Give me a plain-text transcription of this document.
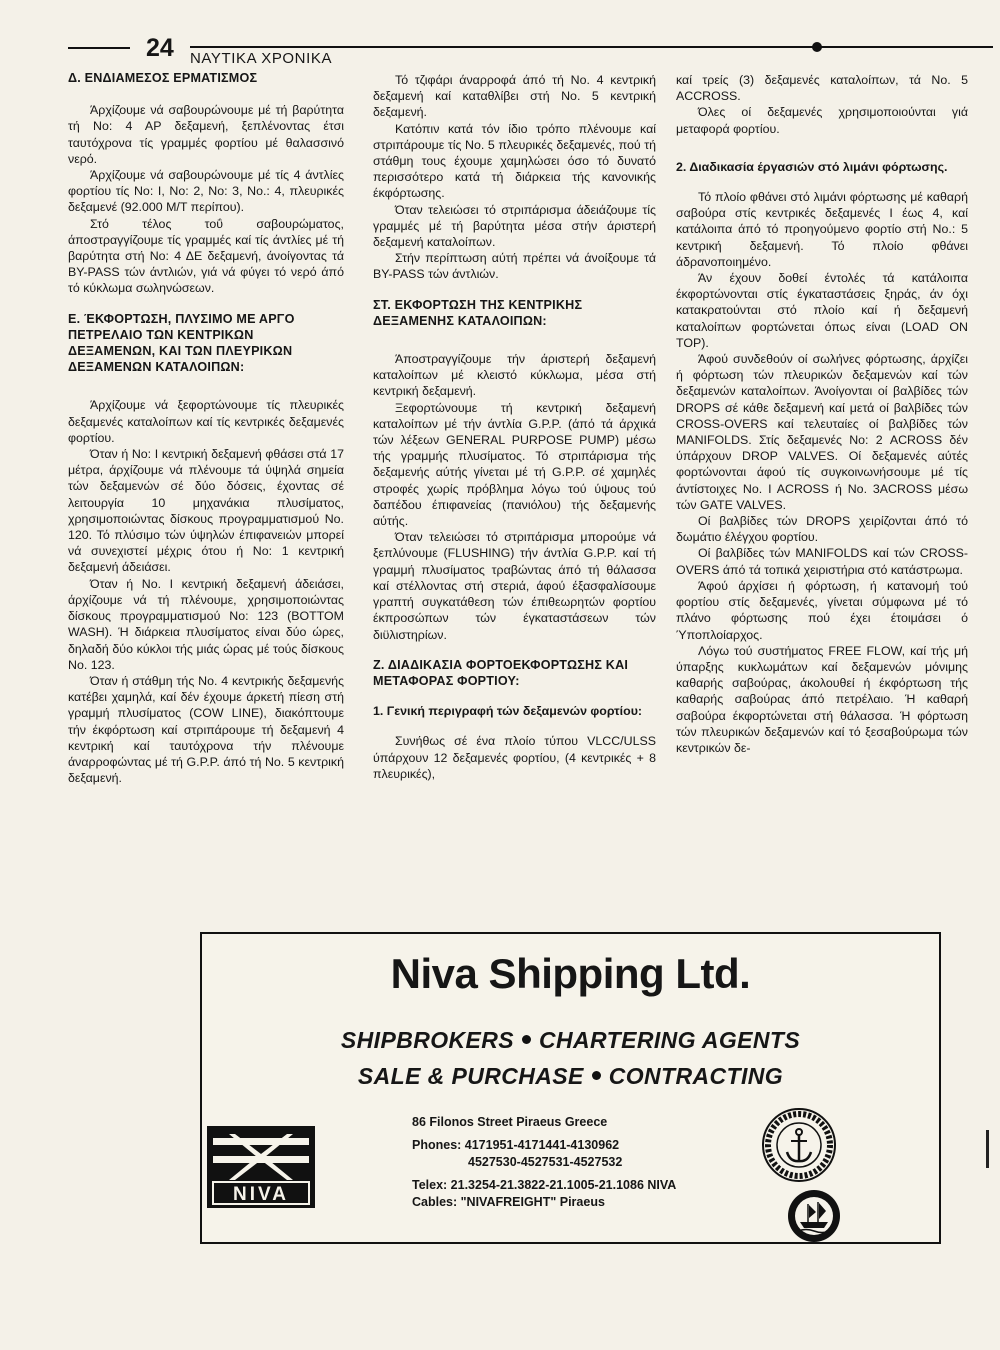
24 ΝΑΥΤΙΚΑ ΧΡΟΝΙΚΑ
Δ. ΕΝΔΙΑΜΕΣΟΣ ΕΡΜΑΤΙΣΜΟΣ

Άρχίζουμε νά σαβουρώνουμε μέ τή βαρύτητα τή Νο: 4 ΑΡ δεξαμενή, ξεπλένοντας έτσι ταυτόχρονα τίς γραμμές φορτίου μέ θαλασσινό νερό.

Άρχίζουμε νά σαβουρώνουμε μέ τίς 4 άντλίες φορτίου τίς Νο: I, Νο: 2, Νο: 3, Νο.: 4, πλευρικές δεξαμενέ (92.000 Μ/Τ περίπου).

Στό τέλος τοΰ σαβουρώματος, άποστραγγίζουμε τίς γραμμές καί τίς άντλίες μέ τή βαρύτητα στή Νο: 4 ΔΕ δεξαμενή, άνοίγοντας τά BY-PASS τών άντλιών, γιά νά φύγει τό νερό άπό τό κύκλωμα σωληνώσεων.

Ε. ΈΚΦΟΡΤΩΣΗ, ΠΛΥΣΙΜΟ ΜΕ ΑΡΓΟ ΠΕΤΡΕΛΑΙΟ ΤΩΝ ΚΕΝΤΡΙΚΩΝ ΔΕΞΑΜΕΝΩΝ, ΚΑΙ ΤΩΝ ΠΛΕΥΡΙΚΩΝ ΔΕΞΑΜΕΝΩΝ ΚΑΤΑΛΟΙΠΩΝ:

Άρχίζουμε νά ξεφορτώνουμε τίς πλευρικές δεξαμενές καταλοίπων καί τίς κεντρικές δεξαμενές φορτίου.

Όταν ή Νο: I κεντρική δεξαμενή φθάσει στά 17 μέτρα, άρχίζουμε νά πλένουμε τά ύψηλά σημεία τών δεξαμενών σέ δύο δόσεις, έχοντας σέ λειτουργία 10 μηχανάκια πλυσίματος, χρησιμοποιώντας δίσκους προγραμματισμού Νο. 120. Τό πλύσιμο τών ύψηλών έπιφανειών μπορεί νά συνεχιστεί μέχρις ότου ή Νο: 1 κεντρική δεξαμενή άδειάσει.

Όταν ή Νο. I κεντρική δεξαμενή άδειάσει, άρχίζουμε νά τή πλένουμε, χρησιμοποιώντας δίσκους προγραμματισμού Νο: 123 (BOTTOM WASH). Ή διάρκεια πλυσίματος είναι δύο ώρες, δηλαδή δύο κύκλοι τής μιάς ώρας μέ τούς δίσκους Νο. 123.

Όταν ή στάθμη τής Νο. 4 κεντρικής δεξαμενής κατέβει χαμηλά, καί δέν έχουμε άρκετή πίεση στή γραμμή πλυσίματος (COW LINE), διακόπτουμε τήν έκφόρτωση καί στριπάρουμε τή δεξαμενή 4 κεντρική καί ταυτόχρονα τήν πλένουμε άναρροφώντας μέ τή G.P.P. άπό τή Νο. 5 κεντρική δεξαμενή.

Τό τζιφάρι άναρροφά άπό τή Νο. 4 κεντρική δεξαμενή καί καταθλίβει στή Νο. 5 κεντρική δεξαμενή.

Κατόπιν κατά τόν ίδιο τρόπο πλένουμε καί στριπάρουμε τίς Νο. 5 πλευρικές δεξαμενές, πού τή στάθμη τους έχουμε χαμηλώσει όσο τό δυνατό περισσότερο κατά τή διάρκεια τής κανονικής έκφόρτωσης.

Όταν τελειώσει τό στριπάρισμα άδειάζουμε τίς γραμμές μέ τή βαρύτητα μέσα στήν άριστερή δεξαμενή καταλοίπων.

Στήν περίπτωση αύτή πρέπει νά άνοίξουμε τά BY-PASS τών άντλιών.

ΣΤ. ΕΚΦΟΡΤΩΣΗ ΤΗΣ ΚΕΝΤΡΙΚΗΣ ΔΕΞΑΜΕΝΗΣ ΚΑΤΑΛΟΙΠΩΝ:

Άποστραγγίζουμε τήν άριστερή δεξαμενή καταλοίπων μέ κλειστό κύκλωμα, μέσα στή κεντρική δεξαμενή.

Ξεφορτώνουμε τή κεντρική δεξαμενή καταλοίπων μέ τήν άντλία G.P.P. (άπό τά άρχικά τών λέξεων GENERAL PURPOSE PUMP) μέσω τής γραμμής πλυσίματος. Τό στριπάρισμα τής δεξαμενής αύτής γίνεται μέ τή G.P.P. σέ χαμηλές στροφές χωρίς πρόβλημα λόγω τού ύψους τού δαπέδου έπιφανείας (πανιόλου) τής δεξαμενής αύτής.

Όταν τελειώσει τό στριπάρισμα μπορούμε νά ξεπλύνουμε (FLUSHING) τήν άντλία G.P.P. καί τή γραμμή πλυσίματος τραβώντας άπό τή θάλασσα καί στέλλοντας στή στεριά, άφού έξασφαλίσουμε γραπτή συγκατάθεση τών έπιθεωρητών φορτίου έκπροσώπων τών έγκαταστάσεων τών διϋλιστηρίων.

Ζ. ΔΙΑΔΙΚΑΣΙΑ ΦΟΡΤΟΕΚΦΟΡΤΩΣΗΣ ΚΑΙ ΜΕΤΑΦΟΡΑΣ ΦΟΡΤΙΟΥ:
1. Γενική περιγραφή τών δεξαμενών φορτίου:

Συνήθως σέ ένα πλοίο τύπου VLCC/ULSS ύπάρχουν 12 δεξαμενές φορτίου, (4 κεντρικές + 8 πλευρικές),

καί τρείς (3) δεξαμενές καταλοίπων, τά Νο. 5 ACCROSS.

Όλες οί δεξαμενές χρησιμοποιούνται γιά μεταφορά φορτίου.

2. Διαδικασία έργασιών στό λιμάνι φόρτωσης.

Τό πλοίο φθάνει στό λιμάνι φόρτωσης μέ καθαρή σαβούρα στίς κεντρικές δεξαμενές I έως 4, καί κατάλοιπα άπό τό προηγούμενο φορτίο στή Νο.: 5 κεντρική δεξαμενή. Τό πλοίο φθάνει άδρανοποιημένο.

Άν έχουν δοθεί έντολές τά κατάλοιπα έκφορτώνονται στίς έγκαταστάσεις ξηράς, άν όχι κατακρατούνται στό πλοίο καί ή δεξαμενή καταλοίπων φορτώνεται όπως είναι (LOAD ON TOP).

Άφού συνδεθούν οί σωλήνες φόρτωσης, άρχίζει ή φόρτωση τών πλευρικών δεξαμενών καί τών δεξαμενών καταλοίπων. Άνοίγονται οί βαλβίδες τών DROPS σέ κάθε δεξαμενή καί μετά οί βαλβίδες τών CROSS-OVERS καί τελευταίες οί βαλβίδες τών MANIFOLDS. Στίς δεξαμενές Νο: 2 ACROSS δέν ύπάρχουν DROP VALVES. Οί δεξαμενές αύτές φορτώνονται άφού τίς συγκοινωνήσουμε μέ τίς άντίστοιχες Νο. I ACROSS ή Νο. 3ACROSS μέσω τών GATE VALVES.

Οί βαλβίδες τών DROPS χειρίζονται άπό τό δωμάτιο έλέγχου φορτίου.

Οί βαλβίδες τών MANIFOLDS καί τών CROSS-OVERS άπό τά τοπικά χειριστήρια στό κατάστρωμα.

Άφού άρχίσει ή φόρτωση, ή κατανομή τού φορτίου στίς δεξαμενές, γίνεται σύμφωνα μέ τό πλάνο φόρτωσης πού έχει έτοιμάσει ό Ύποπλοίαρχος.

Λόγω τού συστήματος FREE FLOW, καί τής μή ύπαρξης κυκλωμάτων καί δεξαμενών μόνιμης καθαρής σαβούρας, άκολουθεί ή έκφόρτωση τής καθαρής σαβούρας άπό πετρέλαιο. Ή καθαρή σαβούρα έκφορτώνεται στή θάλασσα. Ή φόρτωση τών πλευρικών δεξαμενών καί τό ξεσαβούρωμα τών κεντρικών δε-

Niva Shipping Ltd.
SHIPBROKERS CHARTERING AGENTS
SALE & PURCHASE CONTRACTING
NIVA
86 Filonos Street Piraeus Greece
Phones: 4171951-4171441-4130962
4527530-4527531-4527532
Telex: 21.3254-21.3822-21.1005-21.1086 NIVA
Cables: "NIVAFREIGHT" Piraeus
